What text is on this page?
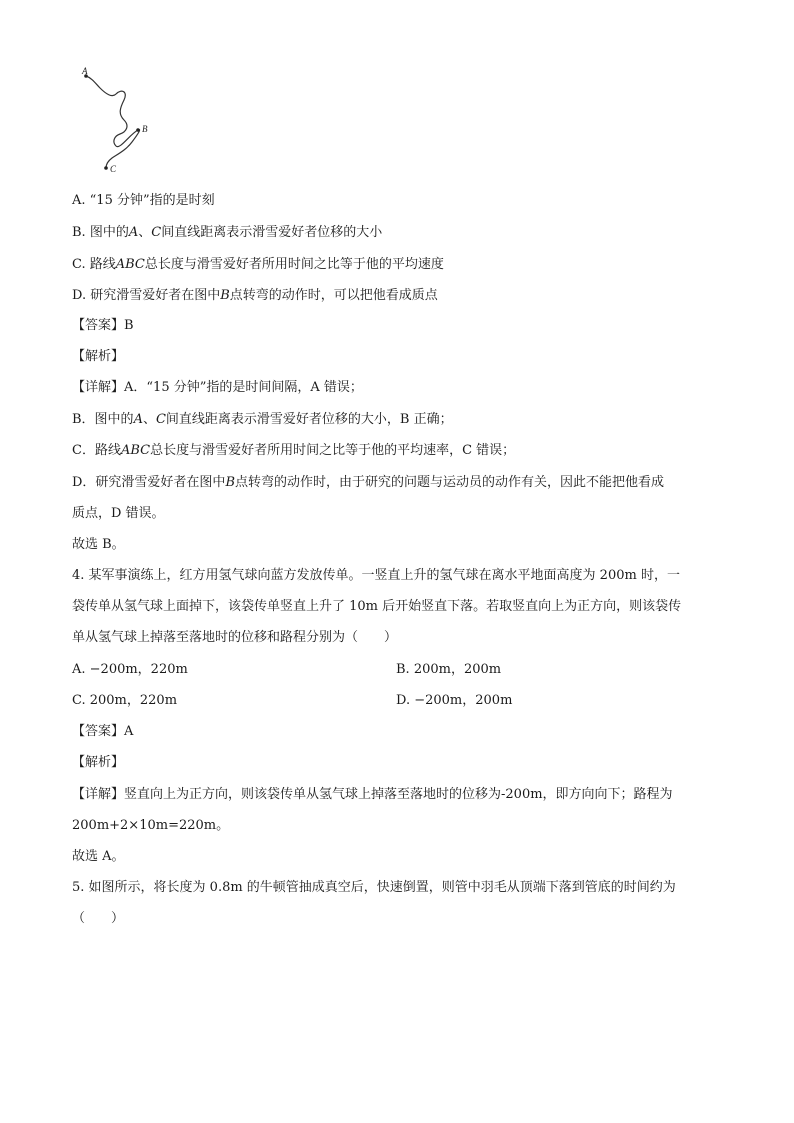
A
B
C
A. “15 分钟”指的是时刻
B. 图中的A、C间直线距离表示滑雪爱好者位移的大小
C. 路线ABC总长度与滑雪爱好者所用时间之比等于他的平均速度
D. 研究滑雪爱好者在图中B点转弯的动作时，可以把他看成质点
【答案】B
【解析】
【详解】A．“15 分钟”指的是时间间隔，A 错误；
B．图中的A、C间直线距离表示滑雪爱好者位移的大小，B 正确；
C．路线ABC总长度与滑雪爱好者所用时间之比等于他的平均速率，C 错误；
D．研究滑雪爱好者在图中B点转弯的动作时，由于研究的问题与运动员的动作有关，因此不能把他看成
质点，D 错误。
故选 B。
4. 某军事演练上，红方用氢气球向蓝方发放传单。一竖直上升的氢气球在离水平地面高度为 200m 时，一
袋传单从氢气球上面掉下，该袋传单竖直上升了 10m 后开始竖直下落。若取竖直向上为正方向，则该袋传
单从氢气球上掉落至落地时的位移和路程分别为（　　）
A. −200m，220m	B. 200m，200m
C. 200m，220m	D. −200m，200m
【答案】A
【解析】
【详解】竖直向上为正方向，则该袋传单从氢气球上掉落至落地时的位移为-200m，即方向向下；路程为
200m+2×10m=220m。
故选 A。
5. 如图所示，将长度为 0.8m 的牛顿管抽成真空后，快速倒置，则管中羽毛从顶端下落到管底的时间约为
（　　）
